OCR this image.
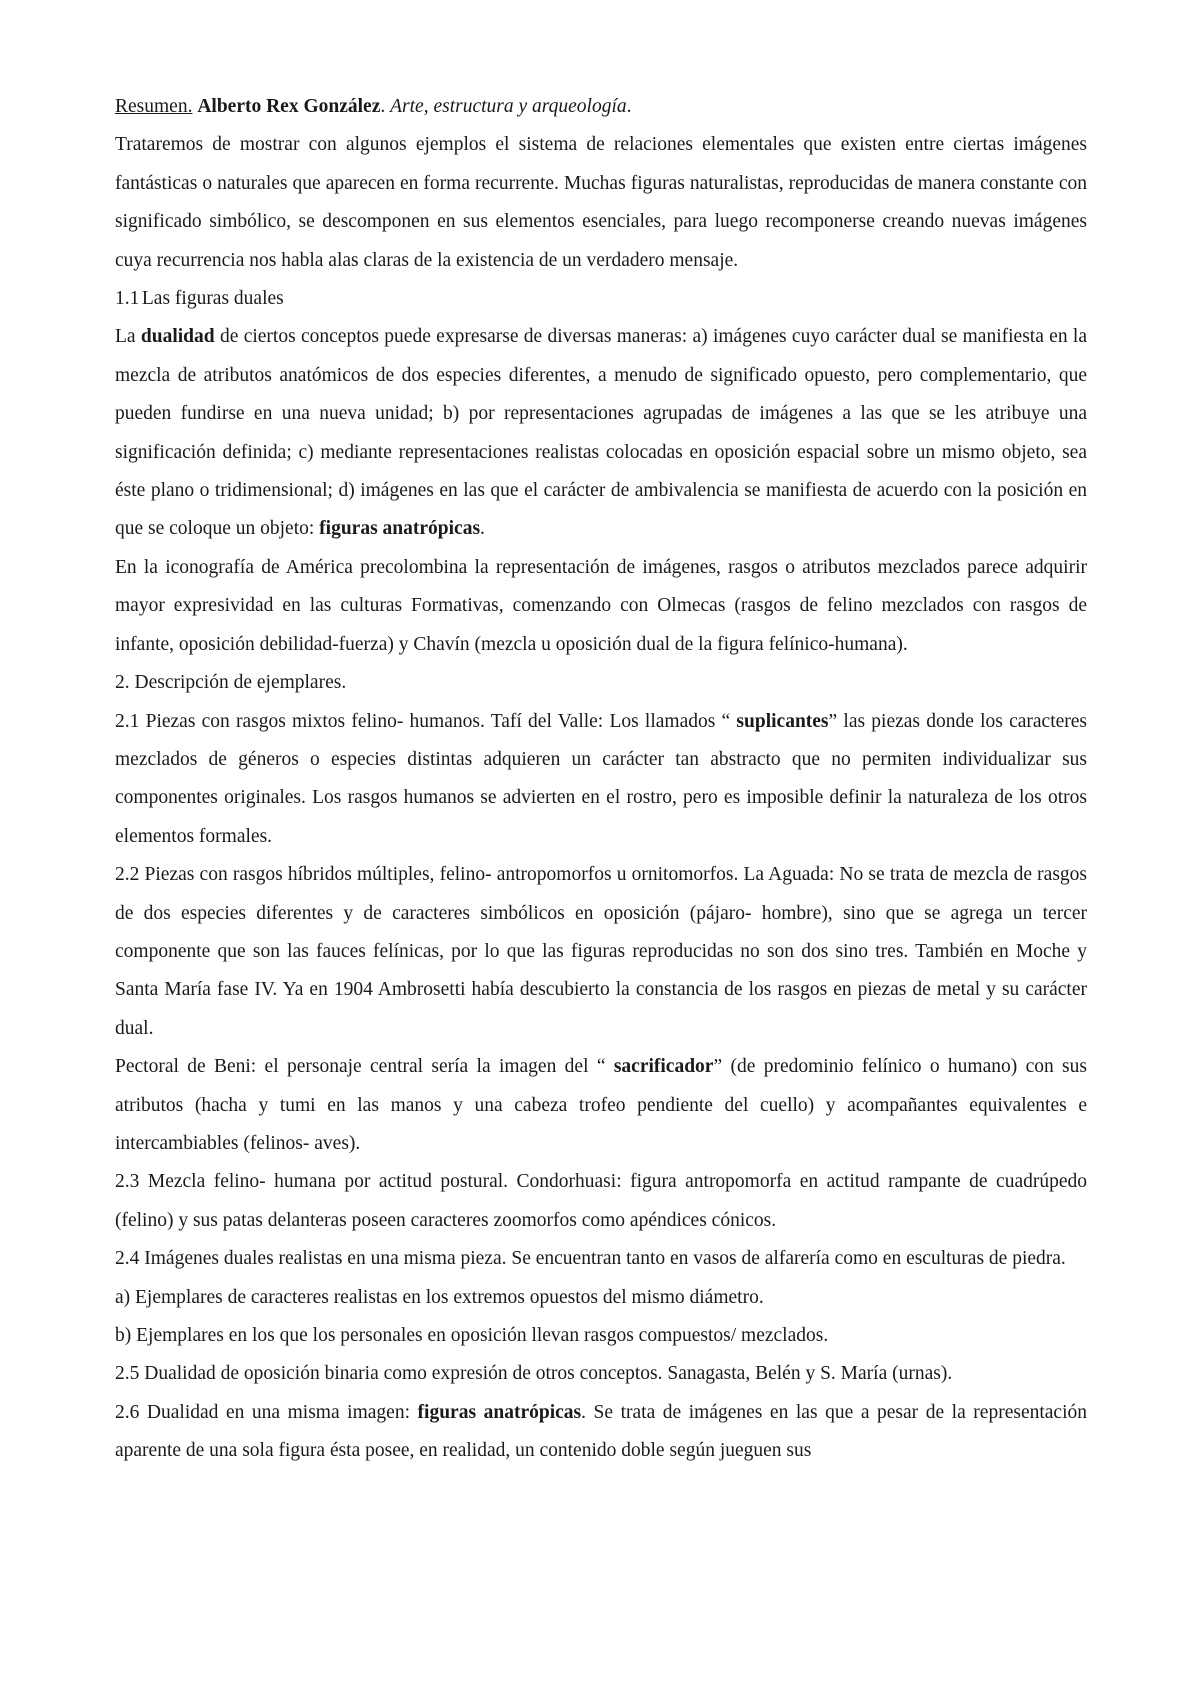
Resumen. Alberto Rex González. Arte, estructura y arqueología.

Trataremos de mostrar con algunos ejemplos el sistema de relaciones elementales que existen entre ciertas imágenes fantásticas o naturales que aparecen en forma recurrente. Muchas figuras naturalistas, reproducidas de manera constante con significado simbólico, se descomponen en sus elementos esenciales, para luego recomponerse creando nuevas imágenes cuya recurrencia nos habla alas claras de la existencia de un verdadero mensaje.

1.1 Las figuras duales

La dualidad de ciertos conceptos puede expresarse de diversas maneras: a) imágenes cuyo carácter dual se manifiesta en la mezcla de atributos anatómicos de dos especies diferentes, a menudo de significado opuesto, pero complementario, que pueden fundirse en una nueva unidad; b) por representaciones agrupadas de imágenes a las que se les atribuye una significación definida; c) mediante representaciones realistas colocadas en oposición espacial sobre un mismo objeto, sea éste plano o tridimensional; d) imágenes en las que el carácter de ambivalencia se manifiesta de acuerdo con la posición en que se coloque un objeto: figuras anatrópicas.

En la iconografía de América precolombina la representación de imágenes, rasgos o atributos mezclados parece adquirir mayor expresividad en las culturas Formativas, comenzando con Olmecas (rasgos de felino mezclados con rasgos de infante, oposición debilidad-fuerza) y Chavín (mezcla u oposición dual de la figura felínico-humana).

2. Descripción de ejemplares.

2.1 Piezas con rasgos mixtos felino- humanos. Tafí del Valle: Los llamados “ suplicantes” las piezas donde los caracteres mezclados de géneros o especies distintas adquieren un carácter tan abstracto que no permiten individualizar sus componentes originales. Los rasgos humanos se advierten en el rostro, pero es imposible definir la naturaleza de los otros elementos formales.

2.2 Piezas con rasgos híbridos múltiples, felino- antropomorfos u ornitomorfos. La Aguada: No se trata de mezcla de rasgos de dos especies diferentes y de caracteres simbólicos en oposición (pájaro- hombre), sino que se agrega un tercer componente que son las fauces felínicas, por lo que las figuras reproducidas no son dos sino tres. También en Moche y Santa María fase IV. Ya en 1904 Ambrosetti había descubierto la constancia de los rasgos en piezas de metal y su carácter dual.

Pectoral de Beni: el personaje central sería la imagen del “ sacrificador” (de predominio felínico o humano) con sus atributos (hacha y tumi en las manos y una cabeza trofeo pendiente del cuello) y acompañantes equivalentes e intercambiables (felinos- aves).

2.3 Mezcla felino- humana por actitud postural. Condorhuasi: figura antropomorfa en actitud rampante de cuadrúpedo (felino) y sus patas delanteras poseen caracteres zoomorfos como apéndices cónicos.

2.4 Imágenes duales realistas en una misma pieza. Se encuentran tanto en vasos de alfarería como en esculturas de piedra.

a) Ejemplares de caracteres realistas en los extremos opuestos del mismo diámetro.

b) Ejemplares en los que los personales en oposición llevan rasgos compuestos/ mezclados.

2.5 Dualidad de oposición binaria como expresión de otros conceptos. Sanagasta, Belén y S. María (urnas).

2.6 Dualidad en una misma imagen: figuras anatrópicas. Se trata de imágenes en las que a pesar de la representación aparente de una sola figura ésta posee, en realidad, un contenido doble según jueguen sus
